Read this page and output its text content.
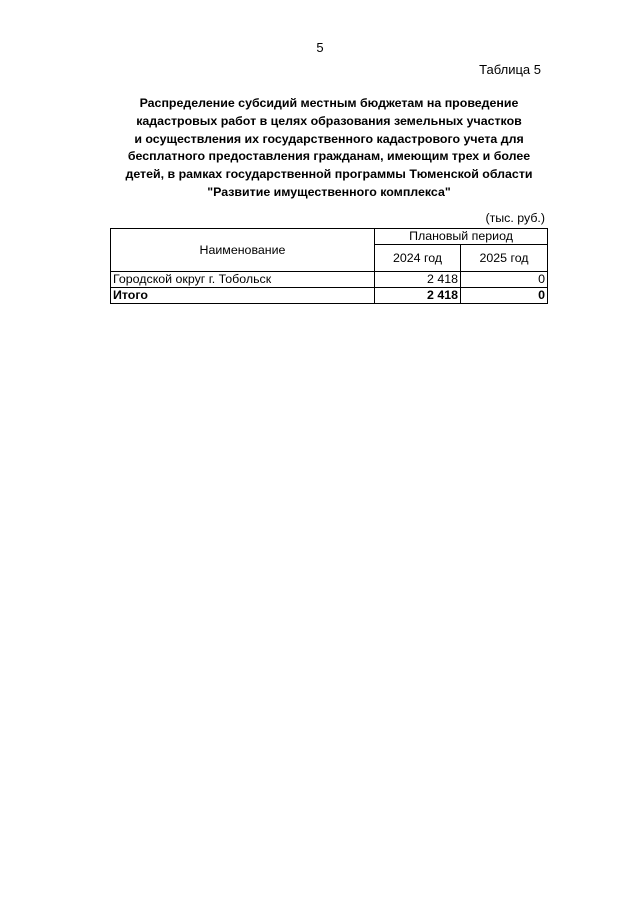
5
Таблица 5
Распределение субсидий местным бюджетам на проведение
кадастровых работ в целях образования земельных участков
и осуществления их государственного кадастрового учета для
бесплатного предоставления гражданам, имеющим трех и более
детей, в рамках государственной программы Тюменской области
"Развитие имущественного комплекса"
(тыс. руб.)
Наименование	Плановый период	
	2024 год	2025 год
Городской округ г. Тобольск	2 418	0
Итого	2 418	0
